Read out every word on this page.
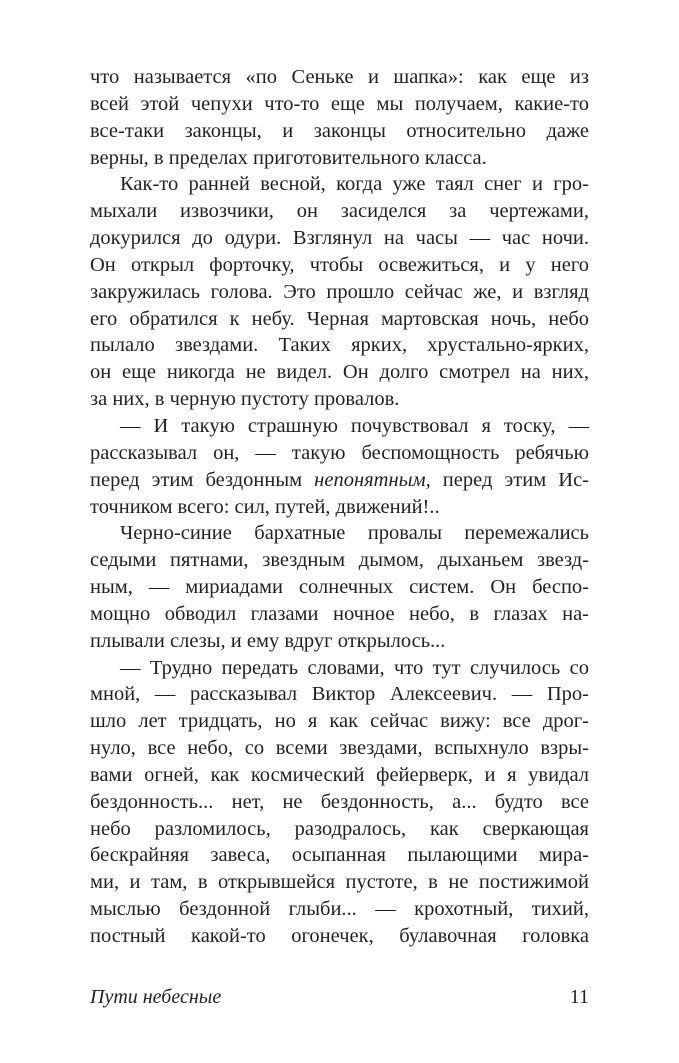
что называется «по Сеньке и шапка»: как еще из
всей этой чепухи что-то еще мы получаем, какие-то
все-таки законцы, и законцы относительно даже
верны, в пределах приготовительного класса.
Как-то ранней весной, когда уже таял снег и гро-
мыхали извозчики, он засиделся за чертежами,
докурился до одури. Взглянул на часы — час ночи.
Он открыл форточку, чтобы освежиться, и у него
закружилась голова. Это прошло сейчас же, и взгляд
его обратился к небу. Черная мартовская ночь, небо
пылало звездами. Таких ярких, хрустально-ярких,
он еще никогда не видел. Он долго смотрел на них,
за них, в черную пустоту провалов.
— И такую страшную почувствовал я тоску, —
рассказывал он, — такую беспомощность ребячью
перед этим бездонным непонятным, перед этим Ис-
точником всего: сил, путей, движений!..
Черно-синие бархатные провалы перемежались
седыми пятнами, звездным дымом, дыханьем звезд-
ным, — мириадами солнечных систем. Он беспо-
мощно обводил глазами ночное небо, в глазах на-
плывали слезы, и ему вдруг открылось...
— Трудно передать словами, что тут случилось со
мной, — рассказывал Виктор Алексеевич. — Про-
шло лет тридцать, но я как сейчас вижу: все дрог-
нуло, все небо, со всеми звездами, вспыхнуло взры-
вами огней, как космический фейерверк, и я увидал
бездонность... нет, не бездонность, а... будто все
небо разломилось, разодралось, как сверкающая
бескрайняя завеса, осыпанная пылающими мира-
ми, и там, в открывшейся пустоте, в не постижимой
мыслью бездонной глыби... — крохотный, тихий,
постный какой-то огонечек, булавочная головка
Пути небесные	11
